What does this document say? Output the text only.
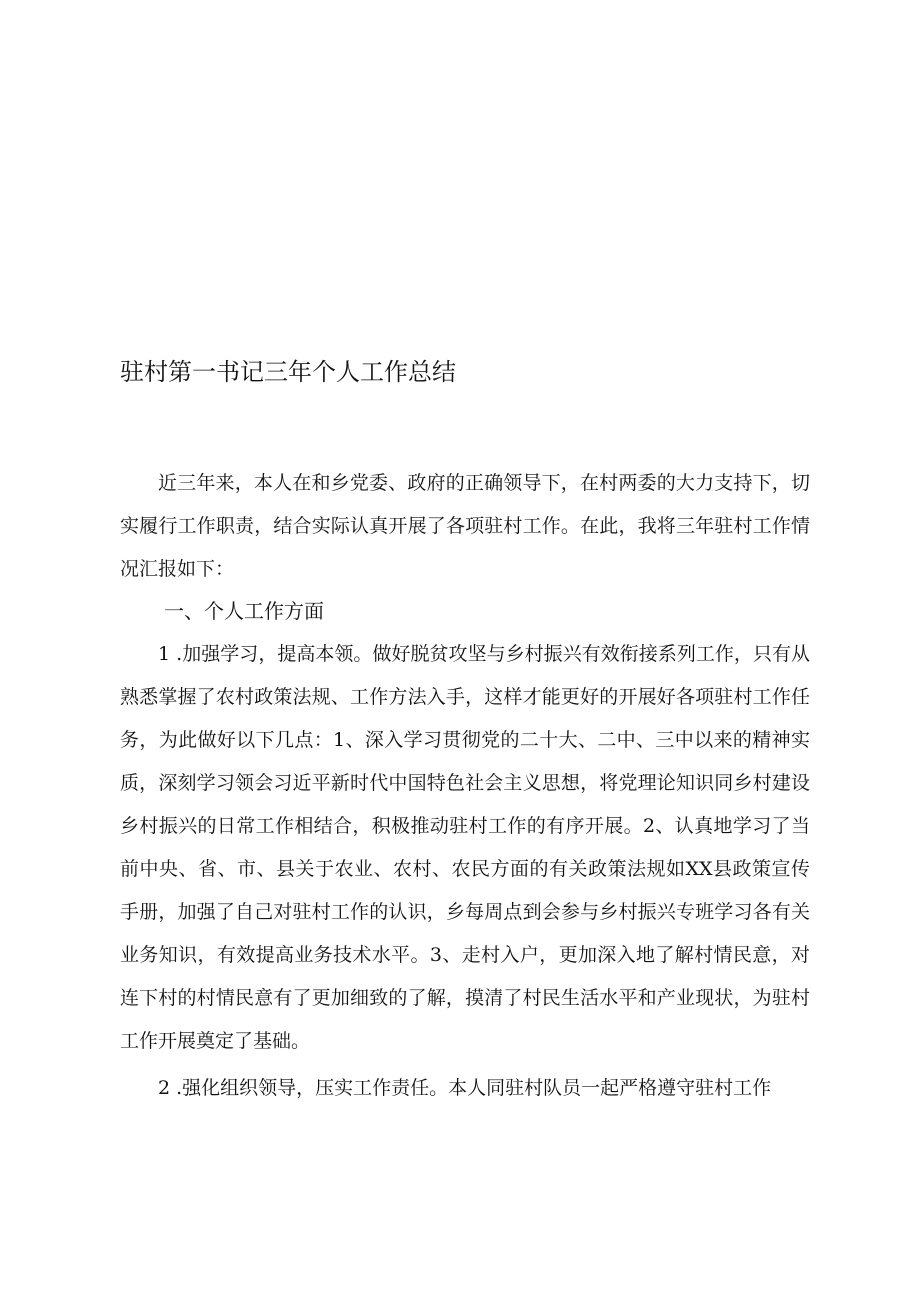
驻村第一书记三年个人工作总结

近三年来，本人在和乡党委、政府的正确领导下，在村两委的大力支持下，切实履行工作职责，结合实际认真开展了各项驻村工作。在此，我将三年驻村工作情况汇报如下：

一、个人工作方面

1 .加强学习，提高本领。做好脱贫攻坚与乡村振兴有效衔接系列工作，只有从熟悉掌握了农村政策法规、工作方法入手，这样才能更好的开展好各项驻村工作任务，为此做好以下几点：1、深入学习贯彻党的二十大、二中、三中以来的精神实质，深刻学习领会习近平新时代中国特色社会主义思想，将党理论知识同乡村建设乡村振兴的日常工作相结合，积极推动驻村工作的有序开展。2、认真地学习了当前中央、省、市、县关于农业、农村、农民方面的有关政策法规如XX县政策宣传手册，加强了自己对驻村工作的认识，乡每周点到会参与乡村振兴专班学习各有关业务知识，有效提高业务技术水平。3、走村入户，更加深入地了解村情民意，对连下村的村情民意有了更加细致的了解，摸清了村民生活水平和产业现状，为驻村工作开展奠定了基础。

2 .强化组织领导，压实工作责任。本人同驻村队员一起严格遵守驻村工作
